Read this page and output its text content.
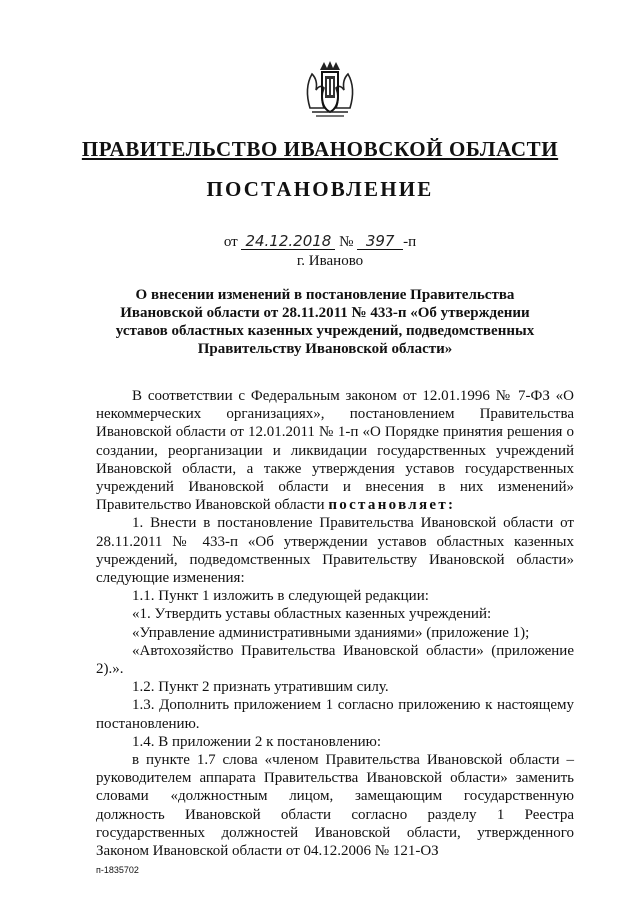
ПРАВИТЕЛЬСТВО ИВАНОВСКОЙ ОБЛАСТИ
ПОСТАНОВЛЕНИЕ
от 24.12.2018 № 397 -п
г. Иваново
О внесении изменений в постановление Правительства Ивановской области от 28.11.2011 № 433-п «Об утверждении уставов областных казенных учреждений, подведомственных Правительству Ивановской области»

В соответствии с Федеральным законом от 12.01.1996 № 7-ФЗ «О некоммерческих организациях», постановлением Правительства Ивановской области от 12.01.2011 № 1-п «О Порядке принятия решения о создании, реорганизации и ликвидации государственных учреждений Ивановской области, а также утверждения уставов государственных учреждений Ивановской области и внесения в них изменений» Правительство Ивановской области постановляет:

1. Внести в постановление Правительства Ивановской области от 28.11.2011 № 433-п «Об утверждении уставов областных казенных учреждений, подведомственных Правительству Ивановской области» следующие изменения:

1.1. Пункт 1 изложить в следующей редакции:

«1. Утвердить уставы областных казенных учреждений:

«Управление административными зданиями» (приложение 1);

«Автохозяйство Правительства Ивановской области» (приложение 2).».

1.2. Пункт 2 признать утратившим силу.

1.3. Дополнить приложением 1 согласно приложению к настоящему постановлению.

1.4. В приложении 2 к постановлению:

в пункте 1.7 слова «членом Правительства Ивановской области – руководителем аппарата Правительства Ивановской области» заменить словами «должностным лицом, замещающим государственную должность Ивановской области согласно разделу 1 Реестра государственных должностей Ивановской области, утвержденного Законом Ивановской области от 04.12.2006 № 121-ОЗ

п-1835702
